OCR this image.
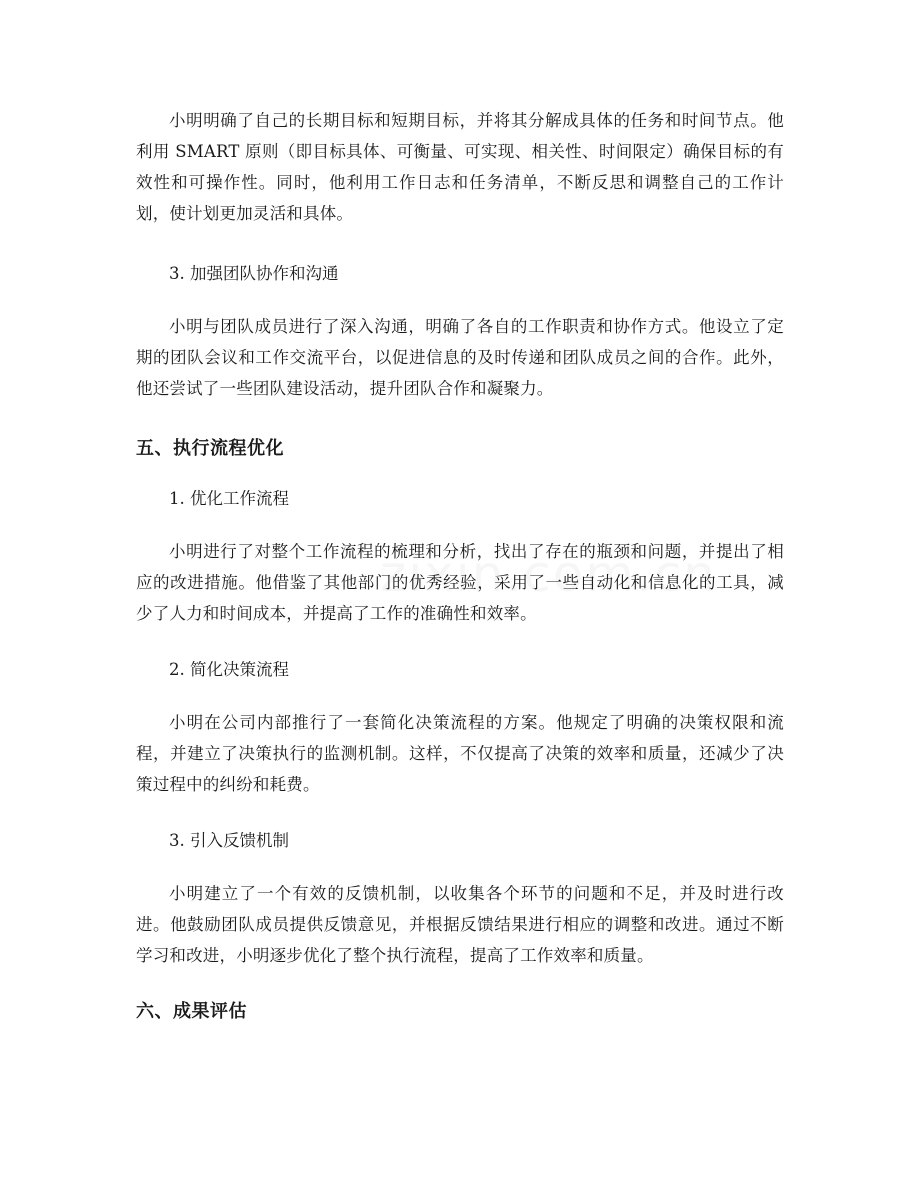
小明明确了自己的长期目标和短期目标，并将其分解成具体的任务和时间节点。他利用 SMART 原则（即目标具体、可衡量、可实现、相关性、时间限定）确保目标的有效性和可操作性。同时，他利用工作日志和任务清单，不断反思和调整自己的工作计划，使计划更加灵活和具体。

3. 加强团队协作和沟通

小明与团队成员进行了深入沟通，明确了各自的工作职责和协作方式。他设立了定期的团队会议和工作交流平台，以促进信息的及时传递和团队成员之间的合作。此外，他还尝试了一些团队建设活动，提升团队合作和凝聚力。

五、执行流程优化

1. 优化工作流程

小明进行了对整个工作流程的梳理和分析，找出了存在的瓶颈和问题，并提出了相应的改进措施。他借鉴了其他部门的优秀经验，采用了一些自动化和信息化的工具，减少了人力和时间成本，并提高了工作的准确性和效率。

2. 简化决策流程

小明在公司内部推行了一套简化决策流程的方案。他规定了明确的决策权限和流程，并建立了决策执行的监测机制。这样，不仅提高了决策的效率和质量，还减少了决策过程中的纠纷和耗费。

3. 引入反馈机制

小明建立了一个有效的反馈机制，以收集各个环节的问题和不足，并及时进行改进。他鼓励团队成员提供反馈意见，并根据反馈结果进行相应的调整和改进。通过不断学习和改进，小明逐步优化了整个执行流程，提高了工作效率和质量。

六、成果评估
